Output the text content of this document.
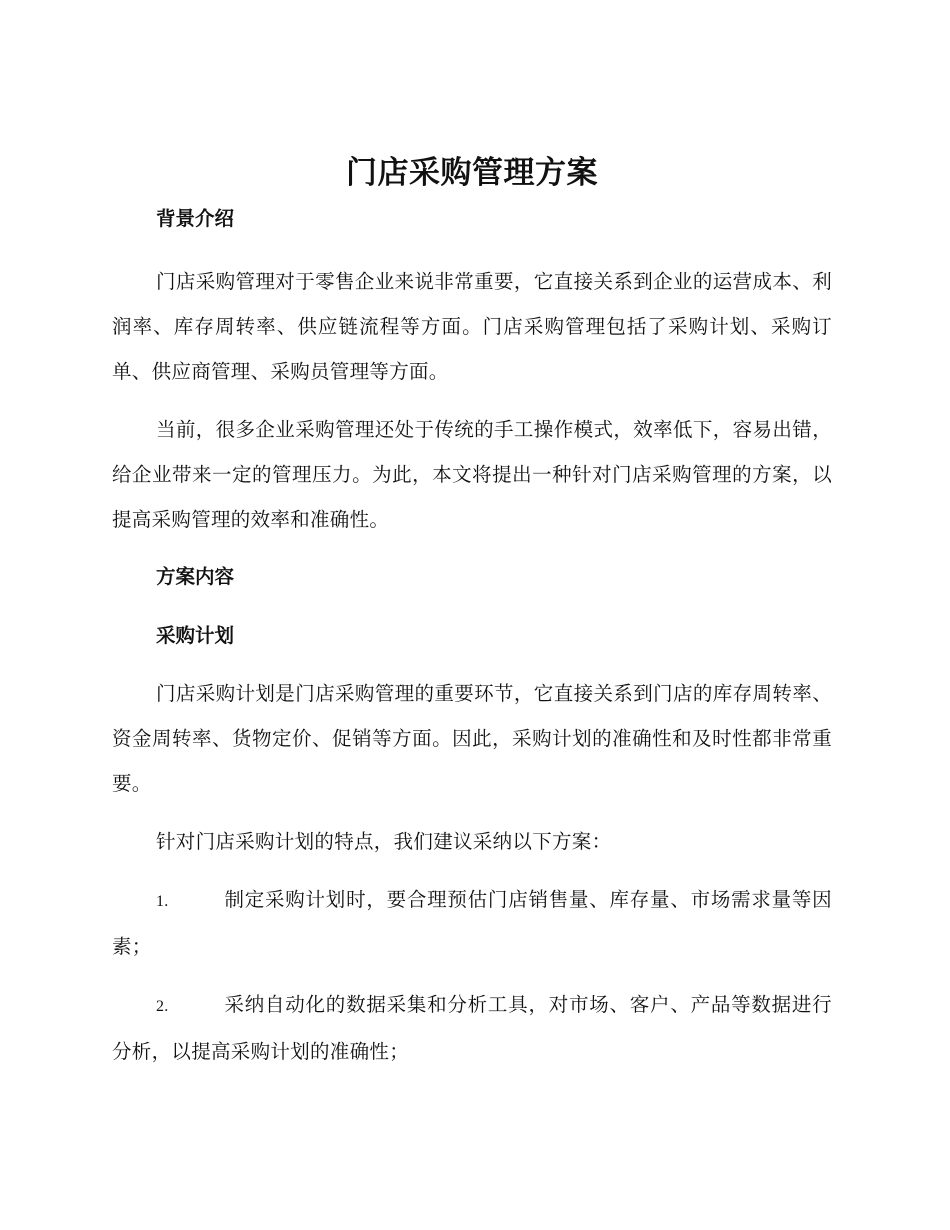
门店采购管理方案
背景介绍

门店采购管理对于零售企业来说非常重要，它直接关系到企业的运营成本、利润率、库存周转率、供应链流程等方面。门店采购管理包括了采购计划、采购订单、供应商管理、采购员管理等方面。

当前，很多企业采购管理还处于传统的手工操作模式，效率低下，容易出错，给企业带来一定的管理压力。为此，本文将提出一种针对门店采购管理的方案，以提高采购管理的效率和准确性。

方案内容
采购计划

门店采购计划是门店采购管理的重要环节，它直接关系到门店的库存周转率、资金周转率、货物定价、促销等方面。因此，采购计划的准确性和及时性都非常重要。

针对门店采购计划的特点，我们建议采纳以下方案：

1.	制定采购计划时，要合理预估门店销售量、库存量、市场需求量等因素；

2.	采纳自动化的数据采集和分析工具，对市场、客户、产品等数据进行分析，以提高采购计划的准确性；
